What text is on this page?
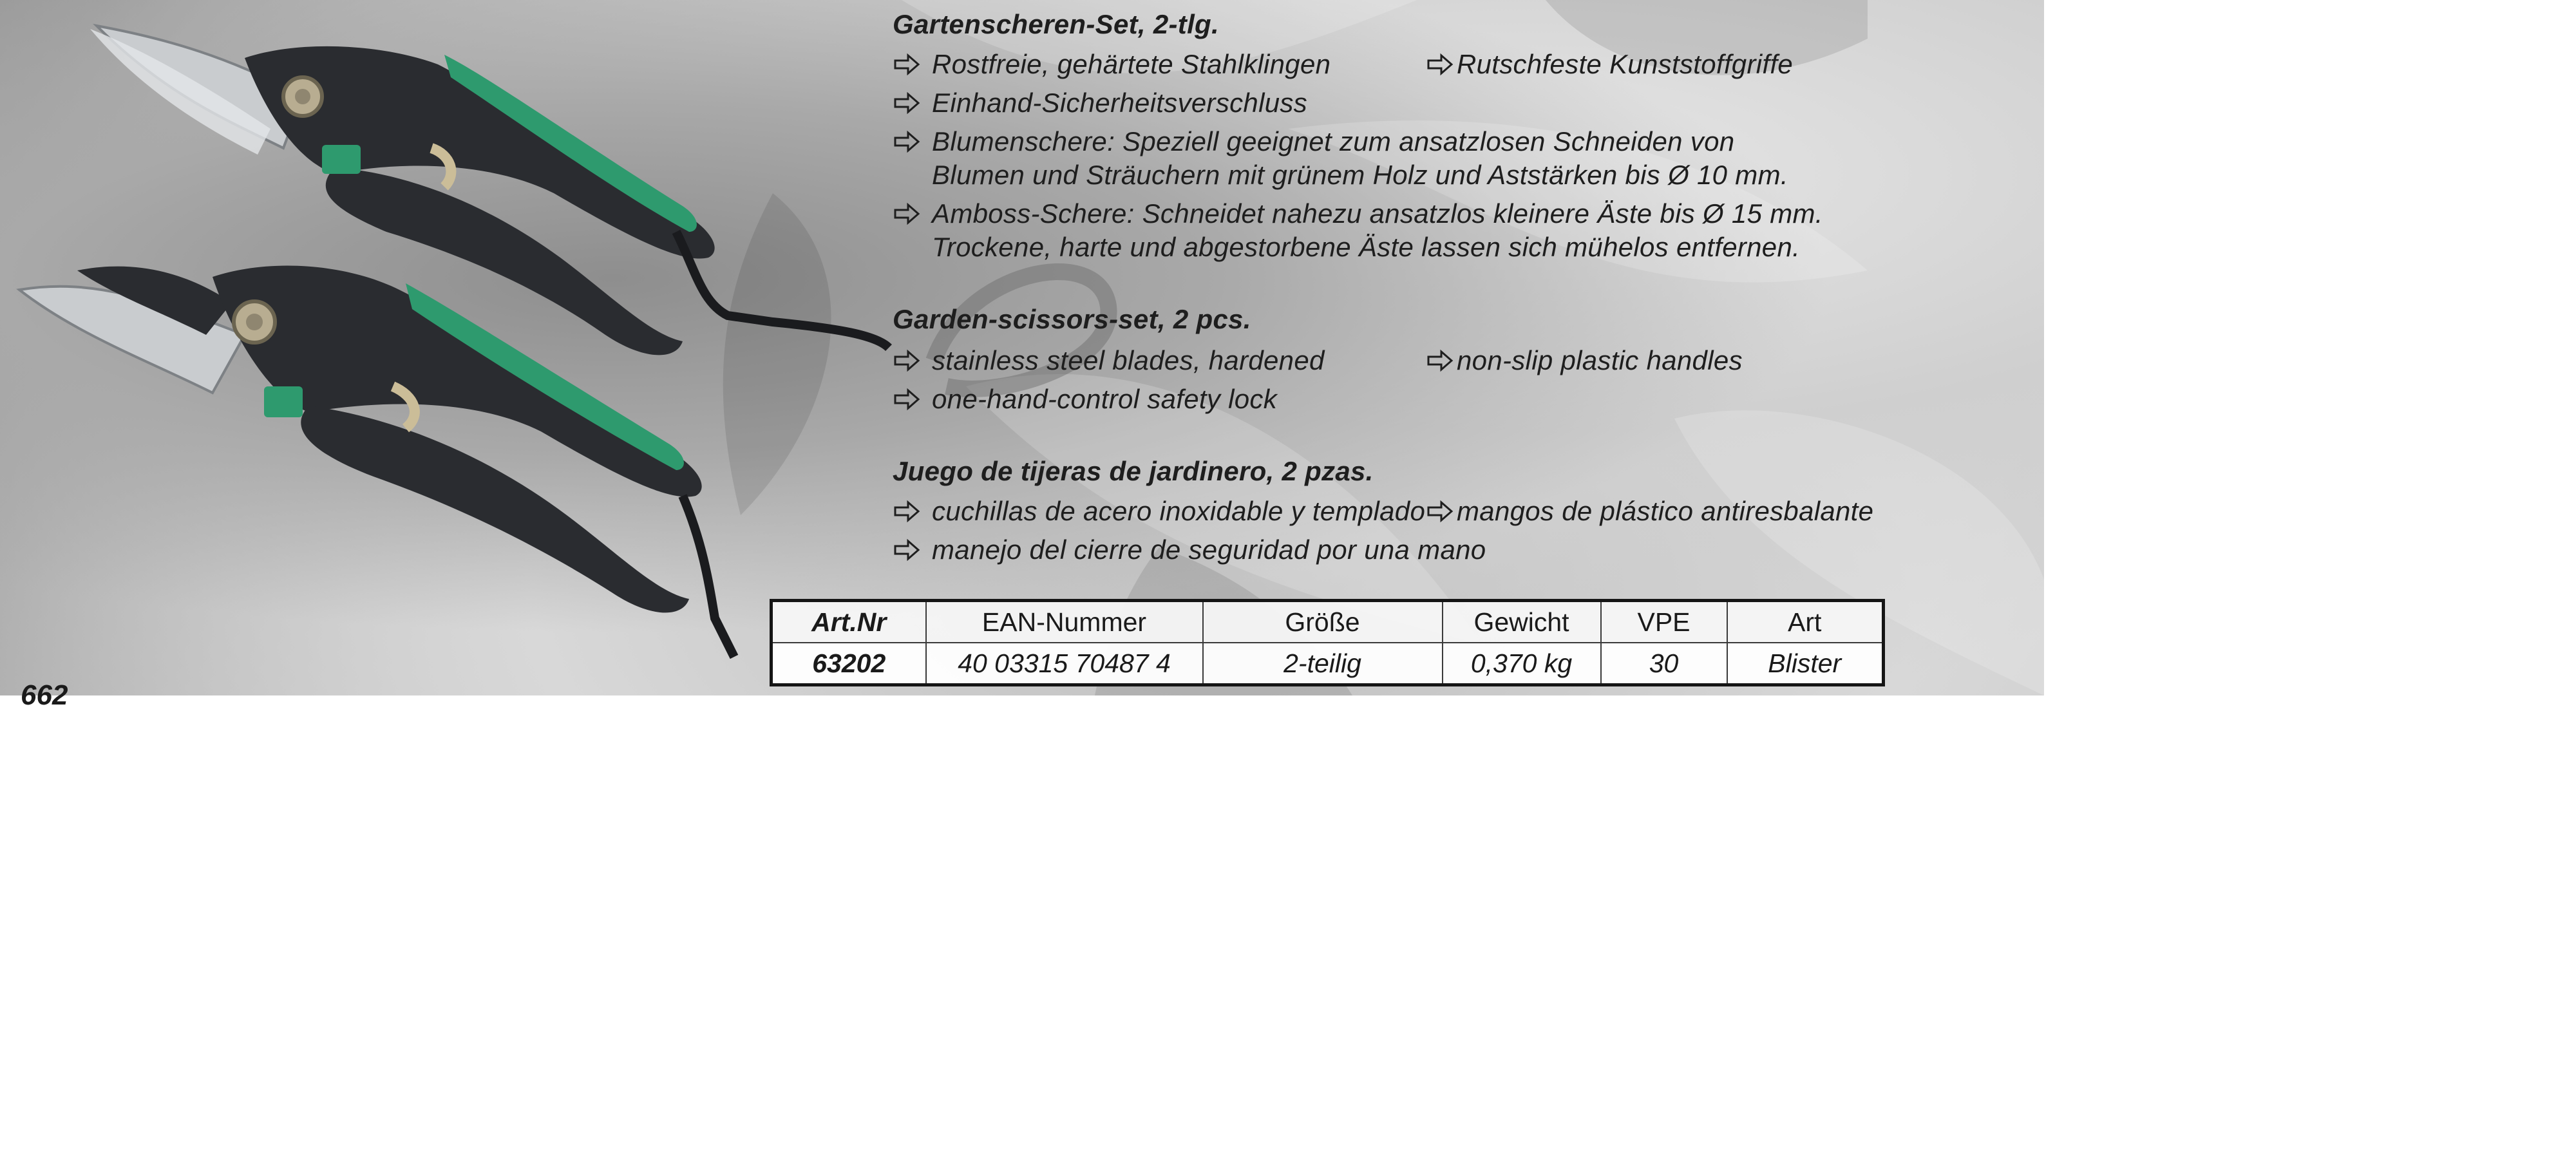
Gartenscheren-Set, 2-tlg.
Rostfreie, gehärtete Stahlklingen	Rutschfeste Kunststoffgriffe
Einhand-Sicherheitsverschluss
Blumenschere: Speziell geeignet zum ansatzlosen Schneiden von
Blumen und Sträuchern mit grünem Holz und Aststärken bis Ø 10 mm.
Amboss-Schere: Schneidet nahezu ansatzlos kleinere Äste bis Ø 15 mm.
Trockene, harte und abgestorbene Äste lassen sich mühelos entfernen.
Garden-scissors-set, 2 pcs.
stainless steel blades, hardened	non-slip plastic handles
one-hand-control safety lock
Juego de tijeras de jardinero, 2 pzas.
cuchillas de acero inoxidable y templado mangos de plástico antiresbalante
manejo del cierre de seguridad por una mano
Art.Nr	EAN-Nummer	Größe	Gewicht	VPE	Art
63202	40 03315 70487 4	2-teilig	0,370 kg	30	Blister
662
